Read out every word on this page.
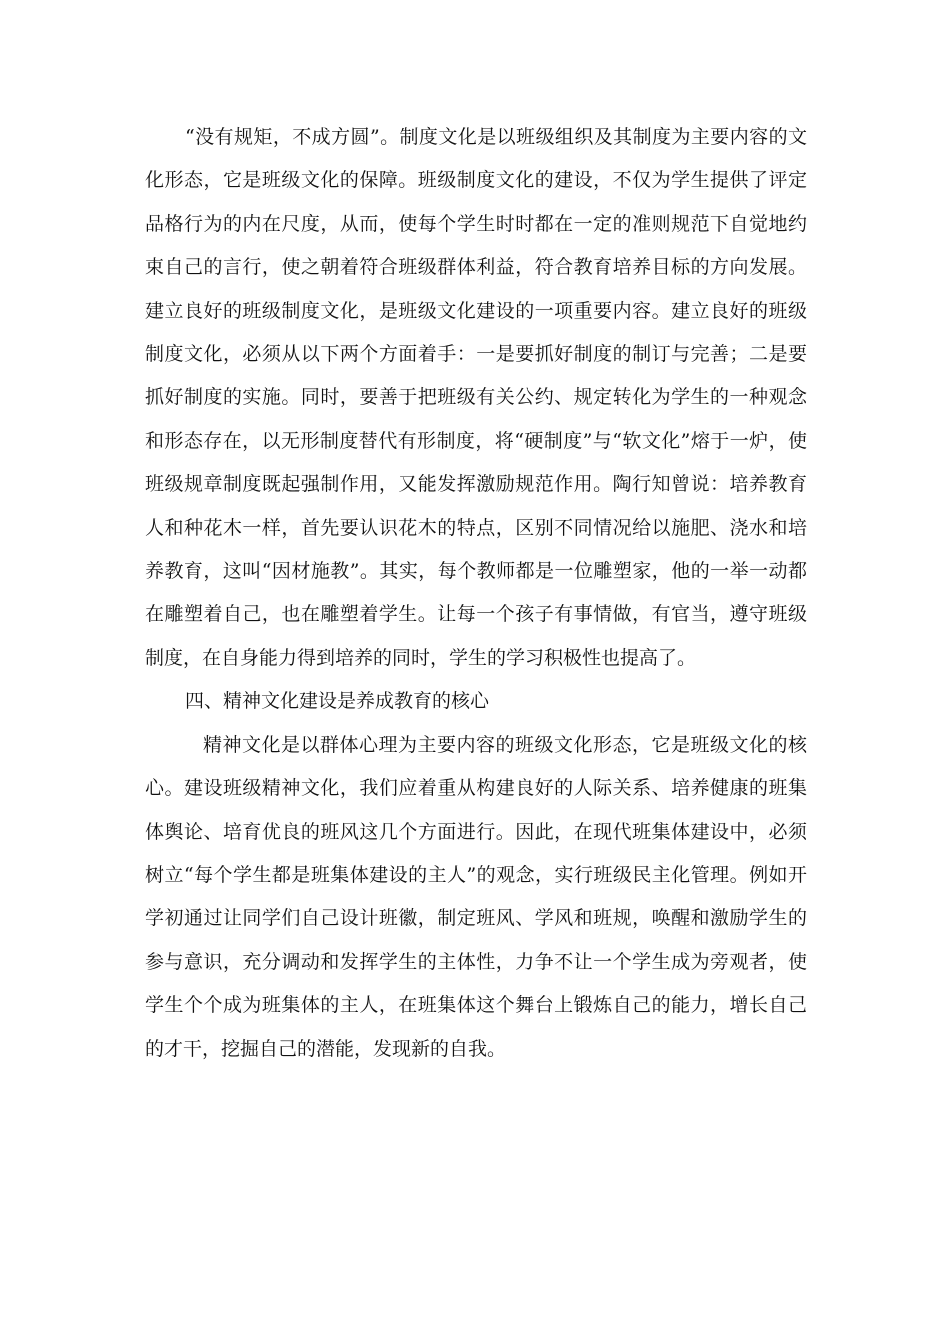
“没有规矩，不成方圆”。制度文化是以班级组织及其制度为主要内容的文化形态，它是班级文化的保障。班级制度文化的建设，不仅为学生提供了评定品格行为的内在尺度，从而，使每个学生时时都在一定的准则规范下自觉地约束自己的言行，使之朝着符合班级群体利益，符合教育培养目标的方向发展。建立良好的班级制度文化，是班级文化建设的一项重要内容。建立良好的班级制度文化，必须从以下两个方面着手：一是要抓好制度的制订与完善；二是要抓好制度的实施。同时，要善于把班级有关公约、规定转化为学生的一种观念和形态存在，以无形制度替代有形制度，将“硬制度”与“软文化”熔于一炉，使班级规章制度既起强制作用，又能发挥激励规范作用。陶行知曾说：培养教育人和种花木一样，首先要认识花木的特点，区别不同情况给以施肥、浇水和培养教育，这叫“因材施教”。其实，每个教师都是一位雕塑家，他的一举一动都在雕塑着自己，也在雕塑着学生。让每一个孩子有事情做，有官当，遵守班级制度，在自身能力得到培养的同时，学生的学习积极性也提高了。

四、精神文化建设是养成教育的核心

精神文化是以群体心理为主要内容的班级文化形态，它是班级文化的核心。建设班级精神文化，我们应着重从构建良好的人际关系、培养健康的班集体舆论、培育优良的班风这几个方面进行。因此，在现代班集体建设中，必须树立“每个学生都是班集体建设的主人”的观念，实行班级民主化管理。例如开学初通过让同学们自己设计班徽，制定班风、学风和班规，唤醒和激励学生的参与意识，充分调动和发挥学生的主体性，力争不让一个学生成为旁观者，使学生个个成为班集体的主人，在班集体这个舞台上锻炼自己的能力，增长自己的才干，挖掘自己的潜能，发现新的自我。
